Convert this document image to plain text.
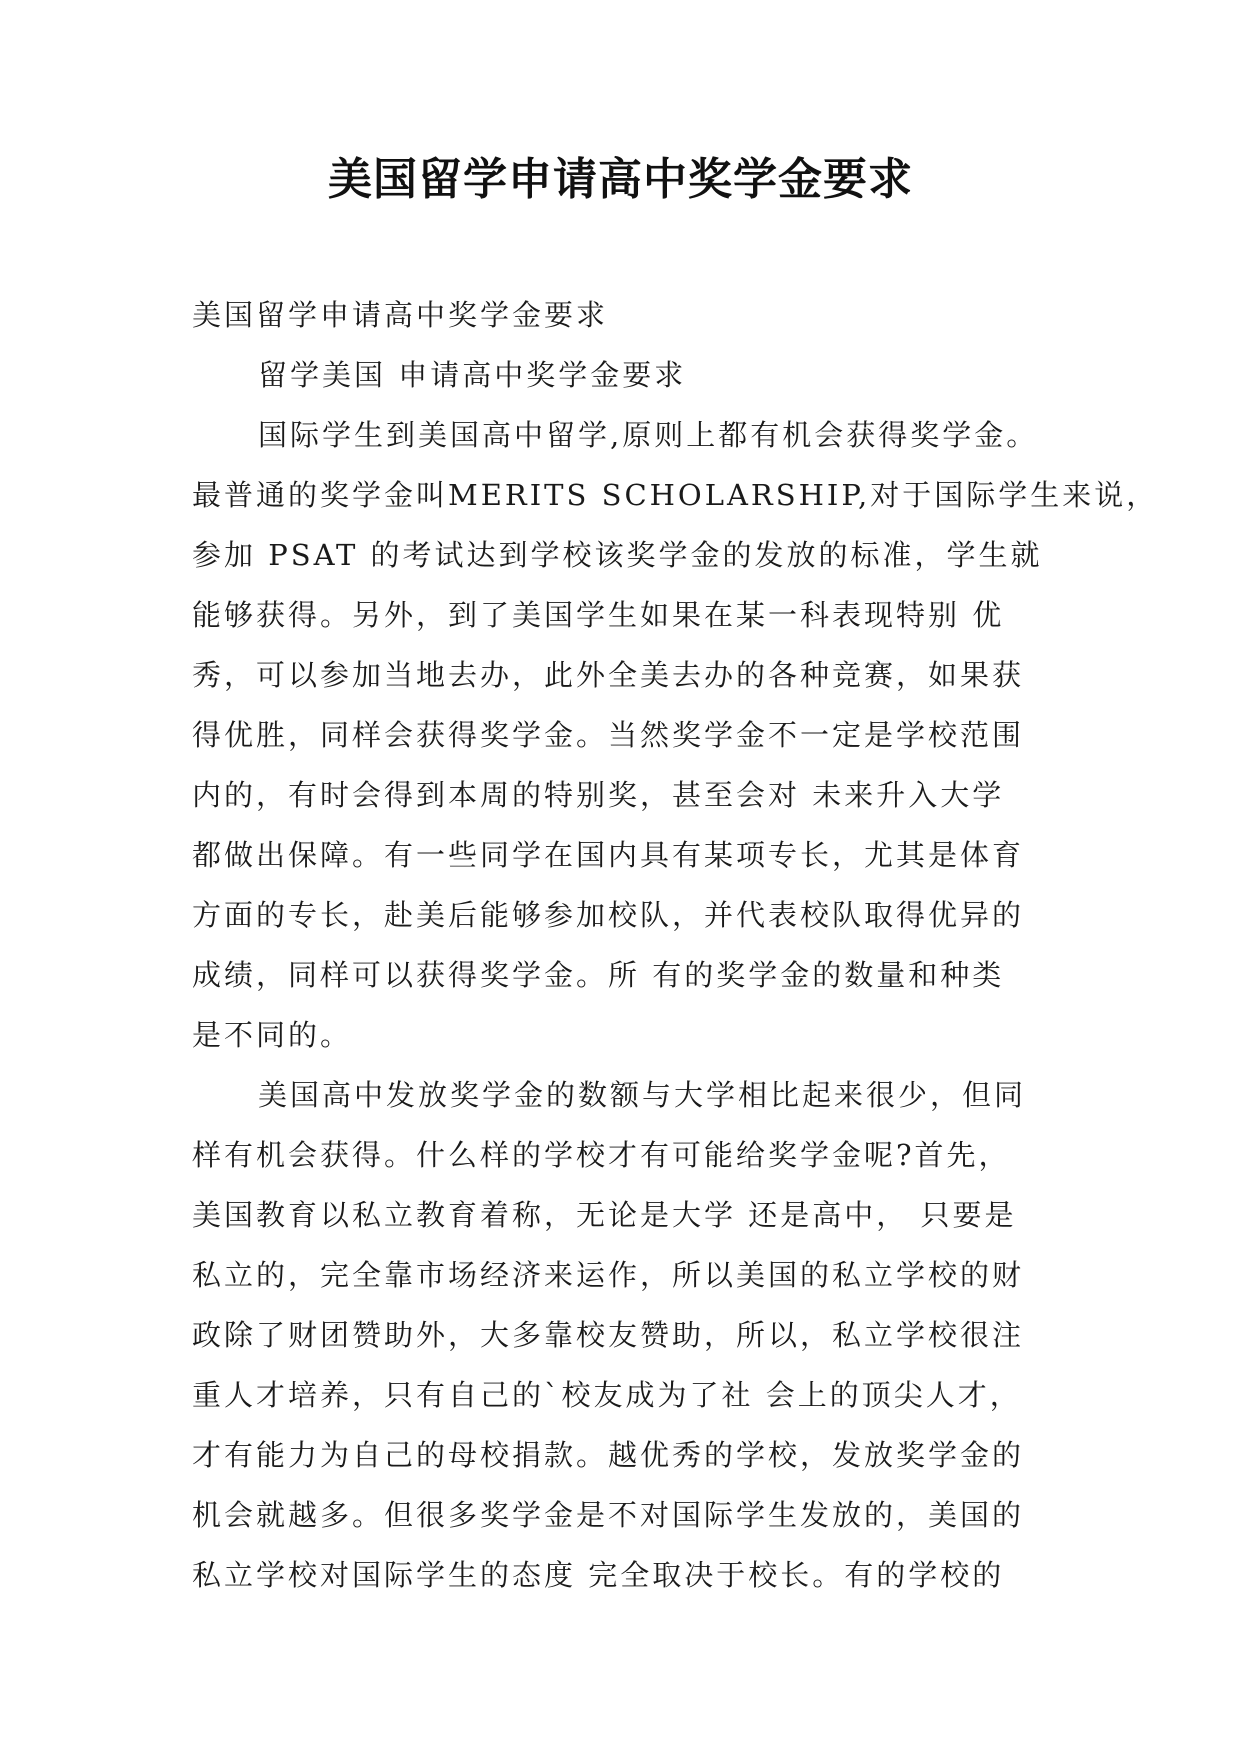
美国留学申请高中奖学金要求
美国留学申请高中奖学金要求
留学美国 申请高中奖学金要求
国际学生到美国高中留学,原则上都有机会获得奖学金。
最普通的奖学金叫MERITS SCHOLARSHIP,对于国际学生来说，
参加 PSAT 的考试达到学校该奖学金的发放的标准，学生就
能够获得。另外，到了美国学生如果在某一科表现特别 优
秀，可以参加当地去办，此外全美去办的各种竞赛，如果获
得优胜，同样会获得奖学金。当然奖学金不一定是学校范围
内的，有时会得到本周的特别奖，甚至会对 未来升入大学
都做出保障。有一些同学在国内具有某项专长，尤其是体育
方面的专长，赴美后能够参加校队，并代表校队取得优异的
成绩，同样可以获得奖学金。所 有的奖学金的数量和种类
是不同的。
美国高中发放奖学金的数额与大学相比起来很少，但同
样有机会获得。什么样的学校才有可能给奖学金呢?首先，
美国教育以私立教育着称，无论是大学 还是高中， 只要是
私立的，完全靠市场经济来运作，所以美国的私立学校的财
政除了财团赞助外，大多靠校友赞助，所以，私立学校很注
重人才培养，只有自己的`校友成为了社 会上的顶尖人才，
才有能力为自己的母校捐款。越优秀的学校，发放奖学金的
机会就越多。但很多奖学金是不对国际学生发放的，美国的
私立学校对国际学生的态度 完全取决于校长。有的学校的
